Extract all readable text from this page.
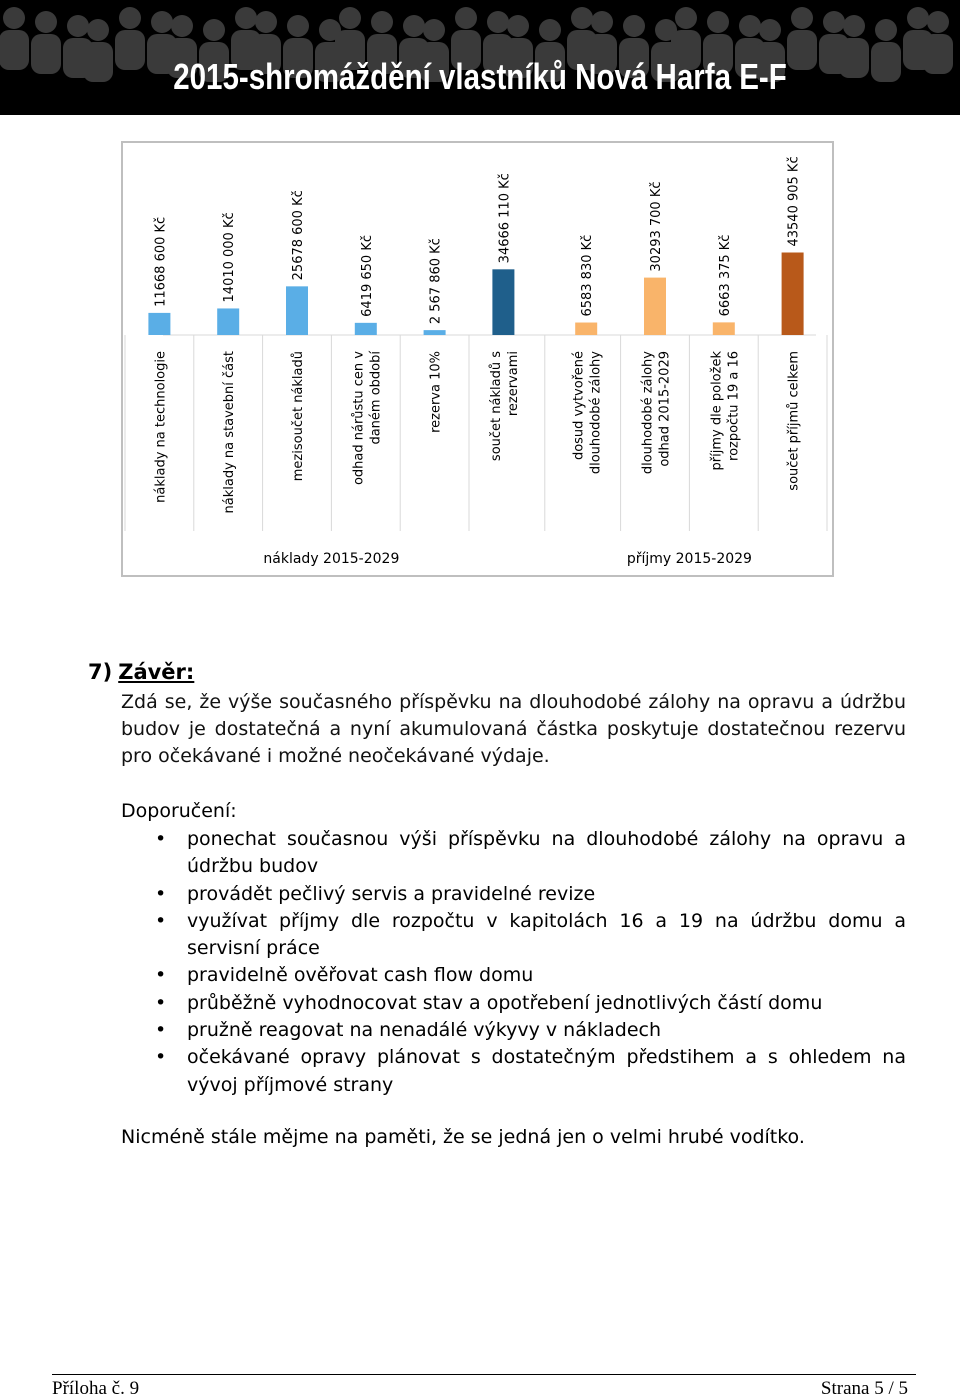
2015-shromáždění vlastníků Nová Harfa E-F
11668 600 Kč
náklady na technologie
14010 000 Kč
náklady na stavební část
25678 600 Kč
mezisoučet nákladů
6419 650 Kč
odhad nárůstu cen v daném období
2 567 860 Kč
rezerva 10%
34666 110 Kč
součet nákladů s rezervami
6583 830 Kč
dosud vytvořené dlouhodobé zálohy
30293 700 Kč
dlouhodobé zálohy odhad 2015-2029
6663 375 Kč
příjmy dle položek rozpočtu 19 a 16
43540 905 Kč
součet příjmů celkem
náklady 2015-2029	příjmy 2015-2029
7) Závěr:
Zdá se, že výše současného příspěvku na dlouhodobé zálohy na opravu a údržbu budov je dostatečná a nyní akumulovaná částka poskytuje dostatečnou rezervu pro očekávané i možné neočekávané výdaje.
Doporučení:
• ponechat současnou výši příspěvku na dlouhodobé zálohy na opravu a údržbu budov
• provádět pečlivý servis a pravidelné revize
• využívat příjmy dle rozpočtu v kapitolách 16 a 19 na údržbu domu a servisní práce
• pravidelně ověřovat cash flow domu
• průběžně vyhodnocovat stav a opotřebení jednotlivých částí domu
• pružně reagovat na nenadálé výkyvy v nákladech
• očekávané opravy plánovat s dostatečným předstihem a s ohledem na vývoj příjmové strany
Nicméně stále mějme na paměti, že se jedná jen o velmi hrubé vodítko.
Příloha č. 9	Strana 5 / 5
